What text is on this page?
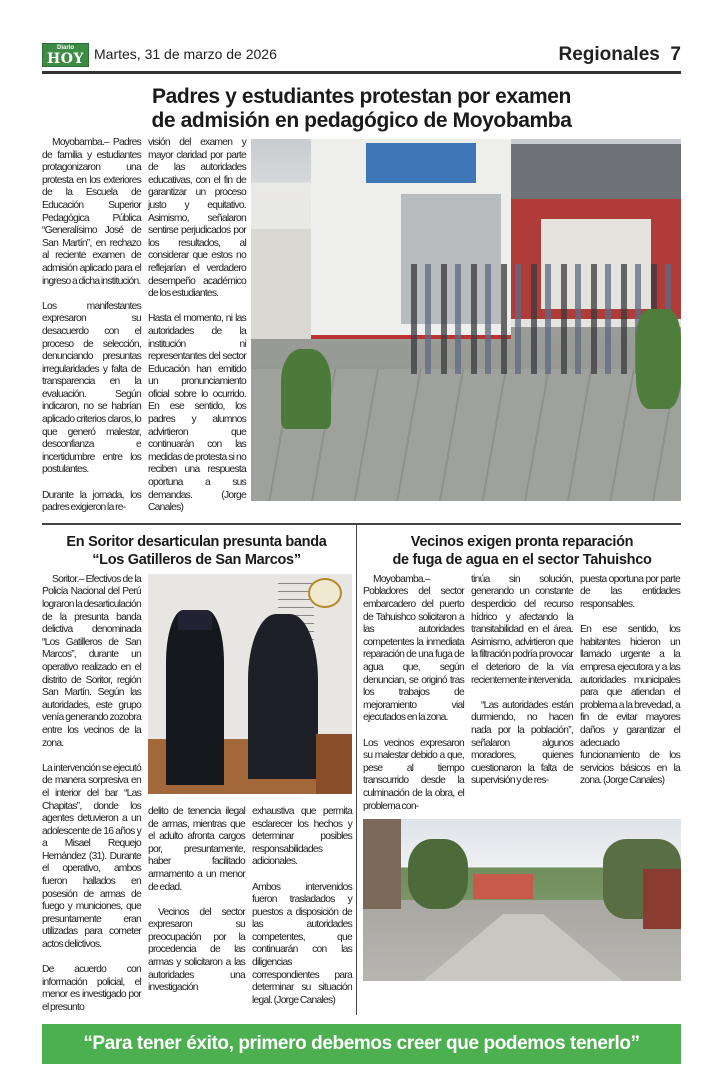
Diario
HOY Martes, 31 de marzo de 2026	Regionales 7
Padres y estudiantes protestan por examen
de admisión en pedagógico de Moyobamba

Moyobamba.– Padres de familia y estudiantes protagonizaron una protesta en los exteriores de la Escuela de Educación Superior Pedagógica Pública “Generalísimo José de San Martín”, en rechazo al reciente examen de admisión aplicado para el ingreso a dicha institución.

Los manifestantes expresaron su desacuerdo con el proceso de selección, denunciando presuntas irregularidades y falta de transparencia en la evaluación. Según indicaron, no se habrían aplicado criterios claros, lo que generó malestar, desconfianza e incertidumbre entre los postulantes.

Durante la jornada, los padres exigieron la re-

visión del examen y mayor claridad por parte de las autoridades educativas, con el fin de garantizar un proceso justo y equitativo. Asimismo, señalaron sentirse perjudicados por los resultados, al considerar que estos no reflejarían el verdadero desempeño académico de los estudiantes.

Hasta el momento, ni las autoridades de la institución ni representantes del sector Educación han emitido un pronunciamiento oficial sobre lo ocurrido. En ese sentido, los padres y alumnos advirtieron que continuarán con las medidas de protesta si no reciben una respuesta oportuna a sus demandas. (Jorge Canales)

En Soritor desarticulan presunta banda
“Los Gatilleros de San Marcos”

Soritor.– Efectivos de la Policía Nacional del Perú lograron la desarticulación de la presunta banda delictiva denominada “Los Gatilleros de San Marcos”, durante un operativo realizado en el distrito de Soritor, región San Martín. Según las autoridades, este grupo venía generando zozobra entre los vecinos de la zona.

La intervención se ejecutó de manera sorpresiva en el interior del bar “Las Chapitas”, donde los agentes detuvieron a un adolescente de 16 años y a Misael Requejo Hernández (31). Durante el operativo, ambos fueron hallados en posesión de armas de fuego y municiones, que presuntamente eran utilizadas para cometer actos delictivos.

De acuerdo con información policial, el menor es investigado por el presunto

delito de tenencia ilegal de armas, mientras que el adulto afronta cargos por, presuntamente, haber facilitado armamento a un menor de edad.

Vecinos del sector expresaron su preocupación por la procedencia de las armas y solicitaron a las autoridades una investigación

exhaustiva que permita esclarecer los hechos y determinar posibles responsabilidades adicionales.

Ambos intervenidos fueron trasladados y puestos a disposición de las autoridades competentes, que continuarán con las diligencias correspondientes para determinar su situación legal. (Jorge Canales)

Vecinos exigen pronta reparación
de fuga de agua en el sector Tahuishco

Moyobamba.– Pobladores del sector embarcadero del puerto de Tahuishco solicitaron a las autoridades competentes la inmediata reparación de una fuga de agua que, según denuncian, se originó tras los trabajos de mejoramiento vial ejecutados en la zona.

Los vecinos expresaron su malestar debido a que, pese al tiempo transcurrido desde la culminación de la obra, el problema con-

tinúa sin solución, generando un constante desperdicio del recurso hídrico y afectando la transitabilidad en el área. Asimismo, advirtieron que la filtración podría provocar el deterioro de la vía recientemente intervenida.

“Las autoridades están durmiendo, no hacen nada por la población”, señalaron algunos moradores, quienes cuestionaron la falta de supervisión y de res-

puesta oportuna por parte de las entidades responsables.

En ese sentido, los habitantes hicieron un llamado urgente a la empresa ejecutora y a las autoridades municipales para que atiendan el problema a la brevedad, a fin de evitar mayores daños y garantizar el adecuado funcionamiento de los servicios básicos en la zona. (Jorge Canales)

“Para tener éxito, primero debemos creer que podemos tenerlo”
